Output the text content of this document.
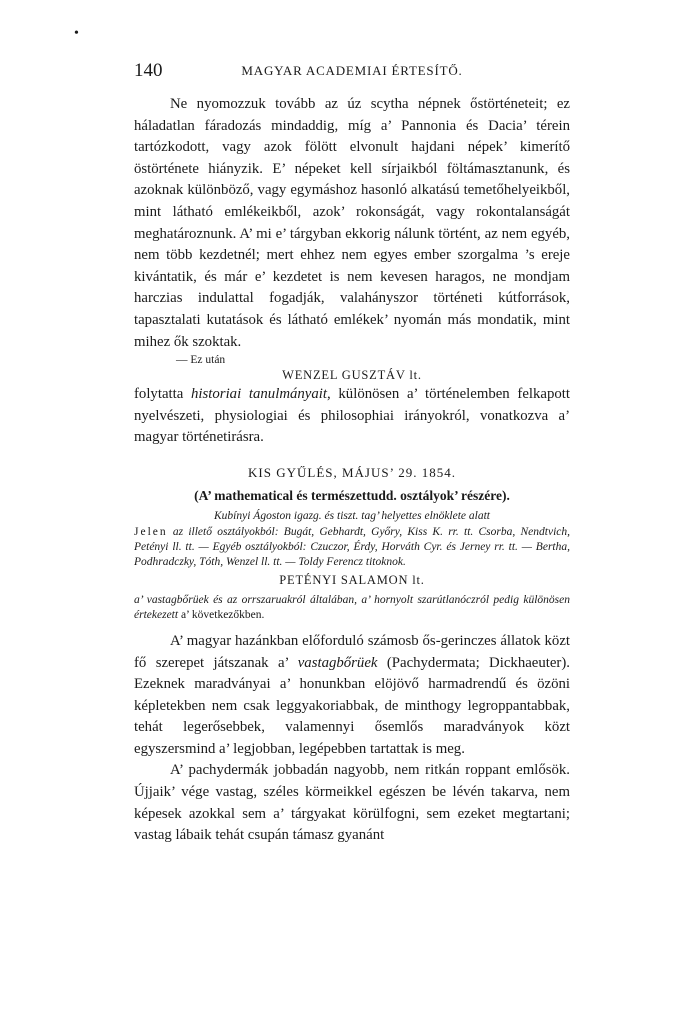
•
140	MAGYAR ACADEMIAI ÉRTESÍTŐ.

Ne nyomozzuk tovább az úz scytha népnek őstörténeteit; ez háladatlan fáradozás mindaddig, míg a’ Pannonia és Dacia’ térein tartózkodott, vagy azok fölött elvonult hajdani népek’ kimerítő östörténete hiányzik. E’ népeket kell sírjaikból föltámasztanunk, és azoknak különböző, vagy egymáshoz hasonló alkatású temetőhelyeikből, mint látható emlékeikből, azok’ rokonságát, vagy rokontalanságát meghatároznunk. A’ mi e’ tárgyban ekkorig nálunk történt, az nem egyéb, nem több kezdetnél; mert ehhez nem egyes ember szorgalma ’s ereje kivántatik, és már e’ kezdetet is nem kevesen haragos, ne mondjam harczias indulattal fogadják, valahányszor történeti kútforrások, tapasztalati kutatások és látható emlékek’ nyomán más mondatik, mint mihez ők szoktak.

— Ez után
WENZEL GUSZTÁV lt.

folytatta historiai tanulmányait, különösen a’ történelemben felkapott nyelvészeti, physiologiai és philosophiai irányokról, vonatkozva a’ magyar történetirásra.

KIS GYŰLÉS, MÁJUS’ 29. 1854.
(A’ mathematical és természettudd. osztályok’ részére).
Kubínyi Ágoston igazg. és tiszt. tag’ helyettes elnöklete alatt

Jelen az illető osztályokból: Bugát, Gebhardt, Győry, Kiss K. rr. tt. Csorba, Nendtvich, Petényi ll. tt. — Egyéb osztályokból: Czuczor, Érdy, Horváth Cyr. és Jerney rr. tt. — Bertha, Podhradczky, Tóth, Wenzel ll. tt. — Toldy Ferencz titoknok.

PETÉNYI SALAMON lt.

a’ vastagbőrüek és az orrszaruakról általában, a’ hornyolt szarútlanóczról pedig különösen értekezett a’ következőkben.

A’ magyar hazánkban előforduló számosb ős-gerinczes állatok közt fő szerepet játszanak a’ vastagbőrüek (Pachydermata; Dickhaeuter). Ezeknek maradványai a’ honunkban elöjövő harmadrendű és özöni képletekben nem csak leggyakoriabbak, de minthogy legroppantabbak, tehát legerősebbek, valamennyi ősemlős maradványok közt egyszersmind a’ legjobban, legépebben tartattak is meg.

A’ pachydermák jobbadán nagyobb, nem ritkán roppant emlősök. Újjaik’ vége vastag, széles körmeikkel egészen be lévén takarva, nem képesek azokkal sem a’ tárgyakat körülfogni, sem ezeket megtartani; vastag lábaik tehát csupán támasz gyanánt
